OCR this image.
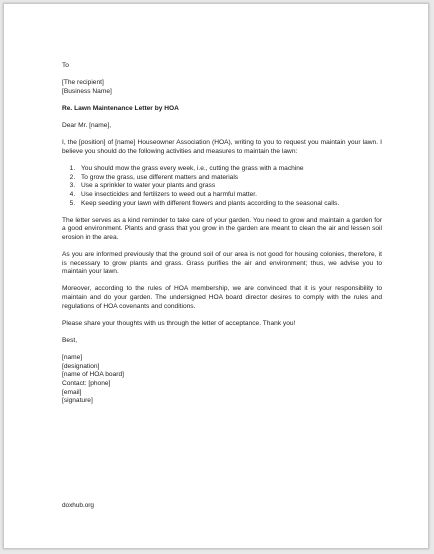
To

[The recipient]

[Business Name]

Re. Lawn Maintenance Letter by HOA

Dear Mr. [name],

I, the [position] of [name] Houseowner Association (HOA), writing to you to request you maintain your lawn. I believe you should do the following activities and measures to maintain the lawn:

1. You should mow the grass every week, i.e., cutting the grass with a machine
2. To grow the grass, use different matters and materials
3. Use a sprinkler to water your plants and grass
4. Use insecticides and fertilizers to weed out a harmful matter.
5. Keep seeding your lawn with different flowers and plants according to the seasonal calls.

The letter serves as a kind reminder to take care of your garden. You need to grow and maintain a garden for a good environment. Plants and grass that you grow in the garden are meant to clean the air and lessen soil erosion in the area.

As you are informed previously that the ground soil of our area is not good for housing colonies, therefore, it is necessary to grow plants and grass. Grass purifies the air and environment; thus, we advise you to maintain your lawn.

Moreover, according to the rules of HOA membership, we are convinced that it is your responsibility to maintain and do your garden. The undersigned HOA board director desires to comply with the rules and regulations of HOA covenants and conditions.

Please share your thoughts with us through the letter of acceptance. Thank you!

Best,

[name]

[designation]

[name of HOA board]

Contact: [phone]

[email]

[signature]

doxhub.org
